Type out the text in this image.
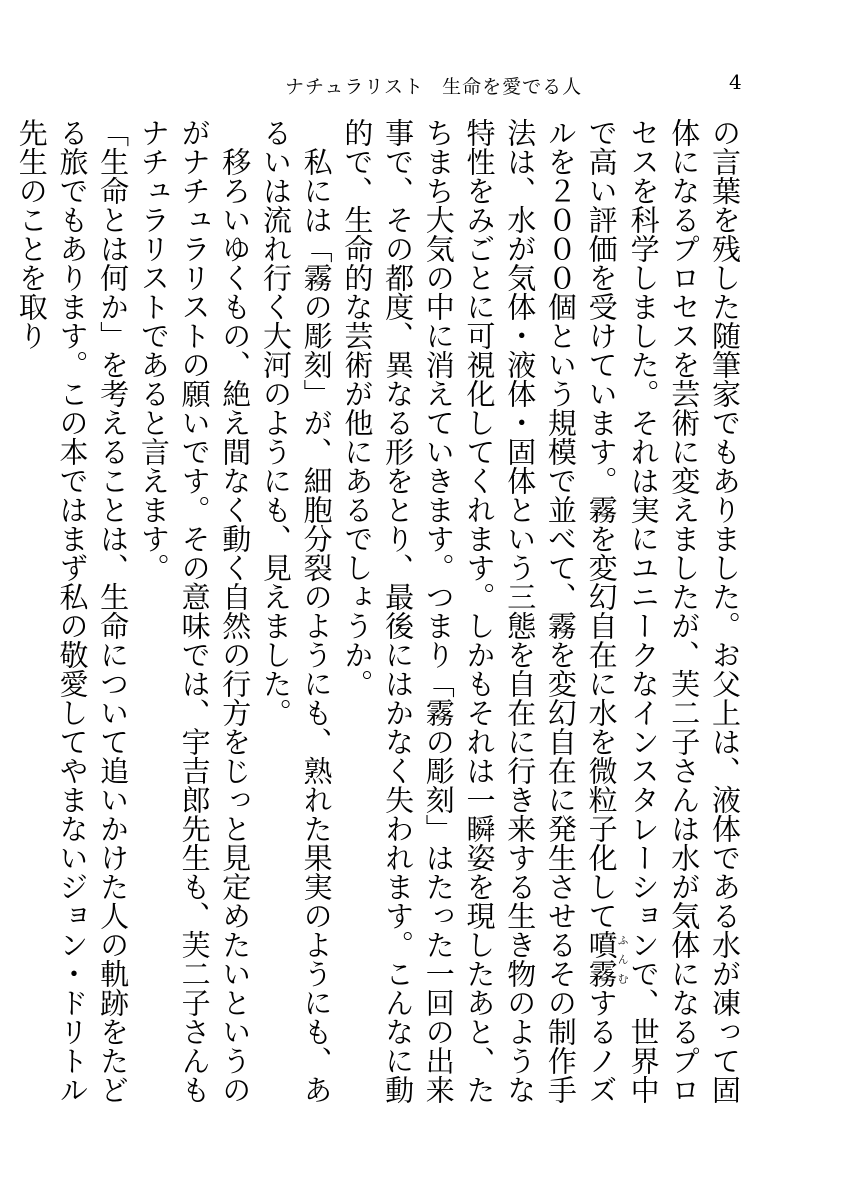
ナチュラリスト 生命を愛でる人	4

の言葉を残した随筆家でもありました。お父上は、液体である水が凍って固体になるプロセスを芸術に変えましたが、芙二子さんは水が気体になるプロセスを科学しました。それは実にユニークなインスタレーションで、世界中で高い評価を受けています。霧を変幻自在に水を微粒子化して噴霧ふんむするノズルを２０００個という規模で並べて、霧を変幻自在に発生させるその制作手法は、水が気体・液体・固体という三態を自在に行き来する生き物のような特性をみごとに可視化してくれます。しかもそれは一瞬姿を現したあと、たちまち大気の中に消えていきます。つまり「霧の彫刻」はたった一回の出来事で、その都度、異なる形をとり、最後にはかなく失われます。こんなに動的で、生命的な芸術が他にあるでしょうか。

私には「霧の彫刻」が、細胞分裂のようにも、熟れた果実のようにも、あるいは流れ行く大河のようにも、見えました。

移ろいゆくもの、絶え間なく動く自然の行方をじっと見定めたいというのがナチュラリストの願いです。その意味では、宇吉郎先生も、芙二子さんもナチュラリストであると言えます。

「生命とは何か」を考えることは、生命について追いかけた人の軌跡をたどる旅でもあります。この本ではまず私の敬愛してやまないジョン・ドリトル先生のことを取り
